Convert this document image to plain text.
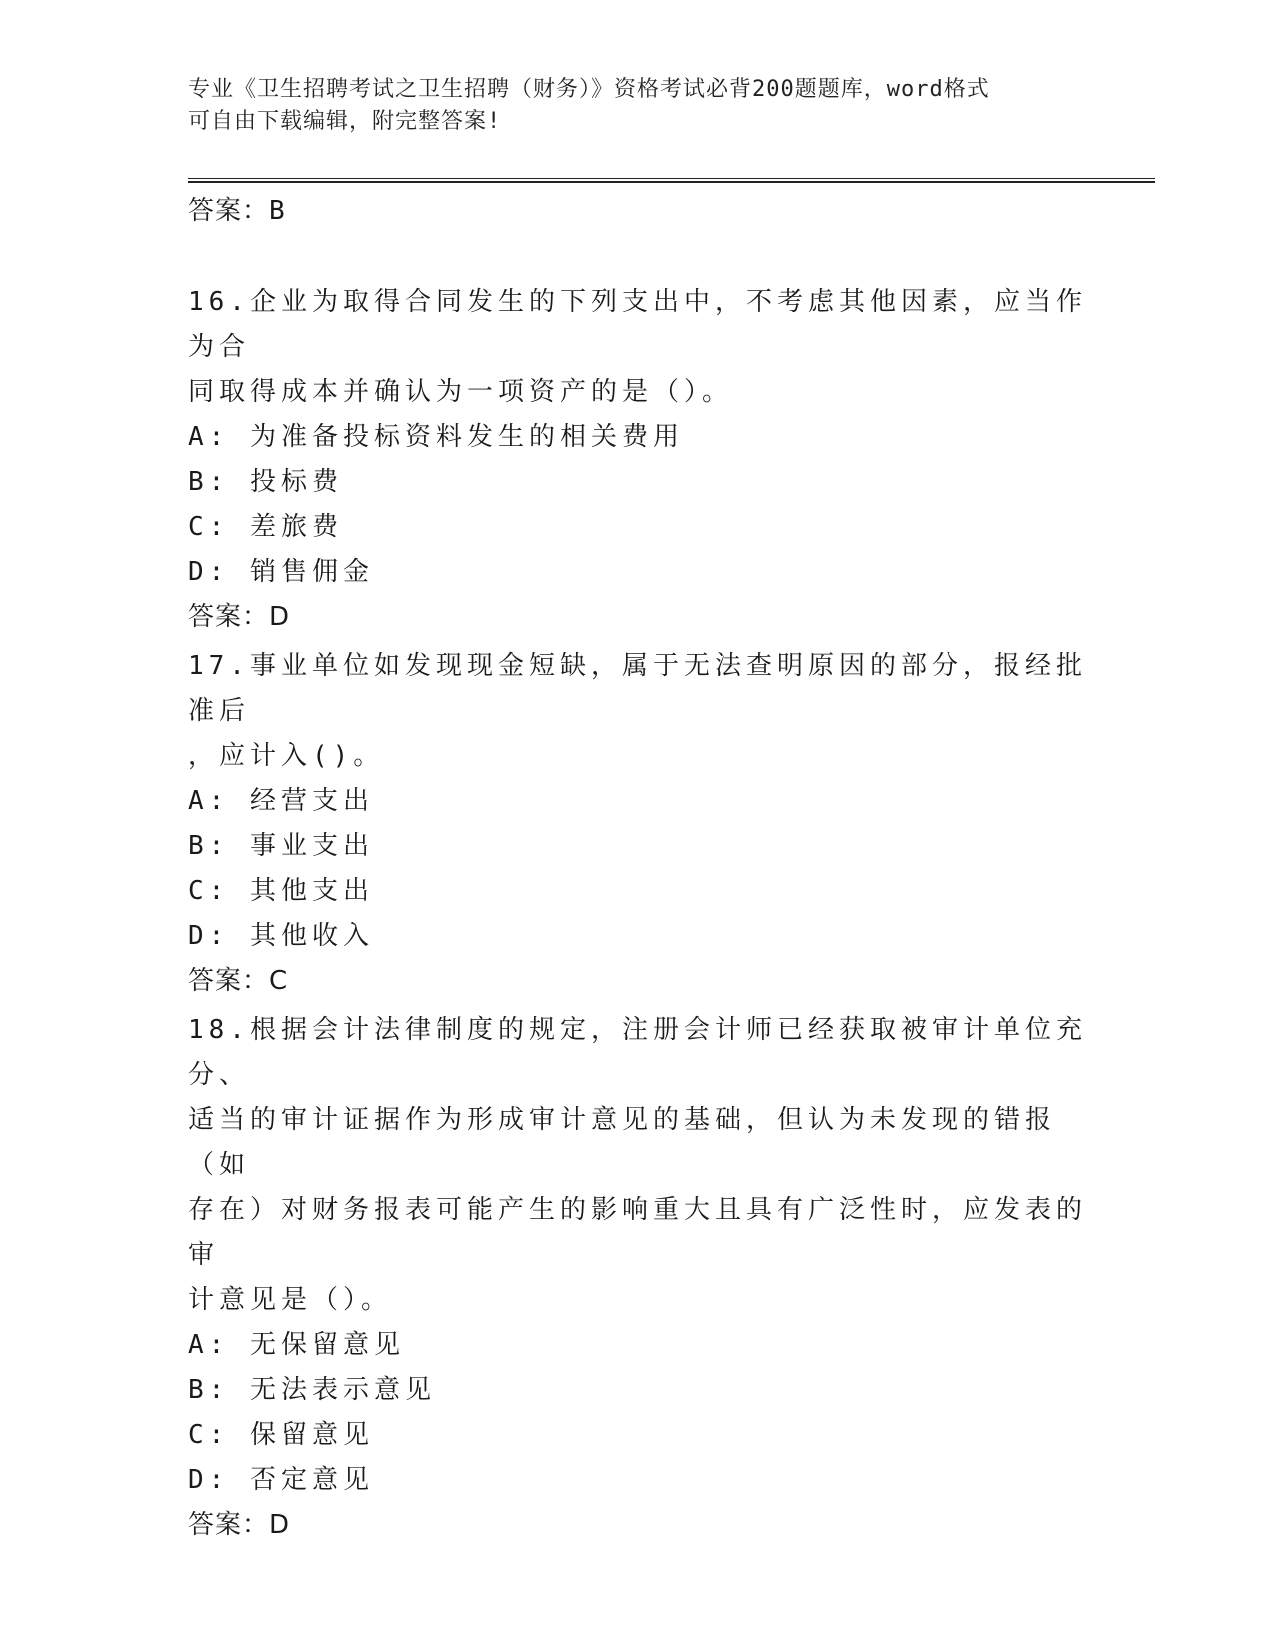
专业《卫生招聘考试之卫生招聘（财务）》资格考试必背200题题库，word格式
可自由下载编辑，附完整答案!
答案：B

16.企业为取得合同发生的下列支出中，不考虑其他因素，应当作为合

同取得成本并确认为一项资产的是（）。

A: 为准备投标资料发生的相关费用

B: 投标费

C: 差旅费

D: 销售佣金

答案：D

17.事业单位如发现现金短缺，属于无法查明原因的部分，报经批准后

，应计入()。

A: 经营支出

B: 事业支出

C: 其他支出

D: 其他收入

答案：C

18.根据会计法律制度的规定，注册会计师已经获取被审计单位充分、

适当的审计证据作为形成审计意见的基础，但认为未发现的错报（如

存在）对财务报表可能产生的影响重大且具有广泛性时，应发表的审

计意见是（）。

A: 无保留意见

B: 无法表示意见

C: 保留意见

D: 否定意见

答案：D
